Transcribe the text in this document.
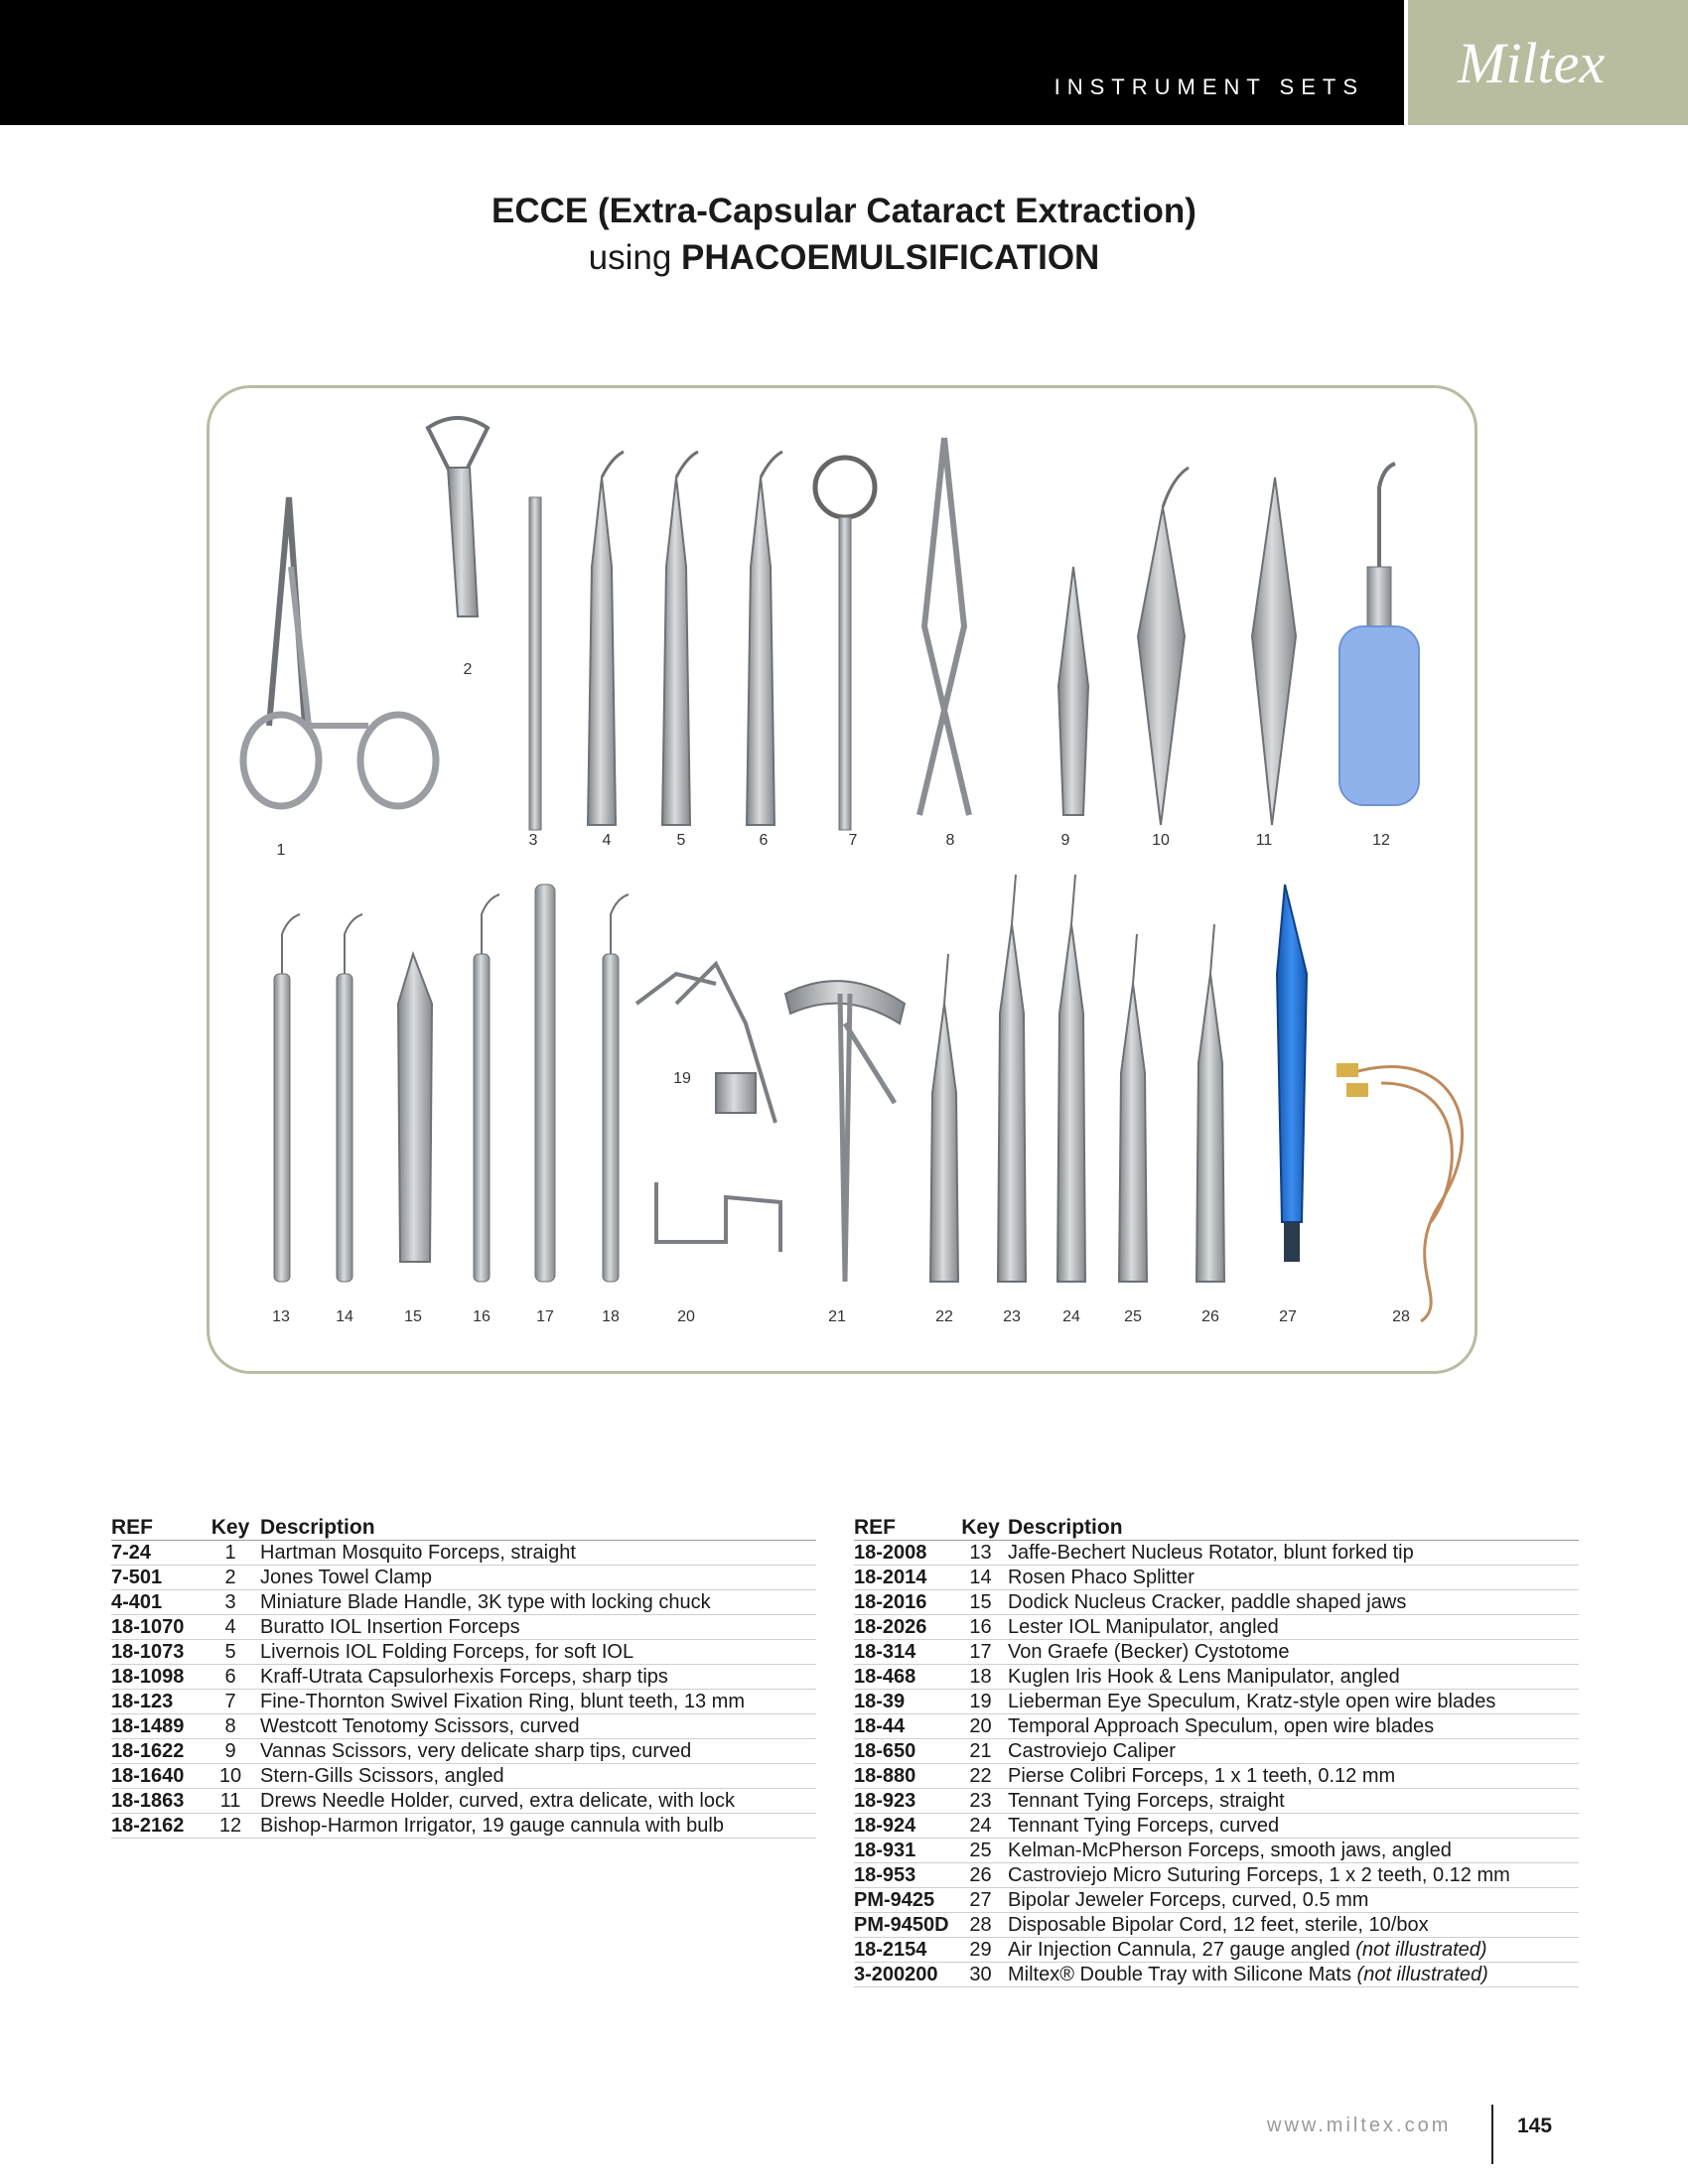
INSTRUMENT SETS Miltex
ECCE (Extra-Capsular Cataract Extraction)
using PHACOEMULSIFICATION
1
2
3	4	5	6	7	8	9	10	11	12
13	14	15	16	17	18
19
20	21	22	23	24	25	26	27	28
REF	Key	Description
7-24	1	Hartman Mosquito Forceps, straight
7-501	2	Jones Towel Clamp
4-401	3	Miniature Blade Handle, 3K type with locking chuck
18-1070	4	Buratto IOL Insertion Forceps
18-1073	5	Livernois IOL Folding Forceps, for soft IOL
18-1098	6	Kraff-Utrata Capsulorhexis Forceps, sharp tips
18-123	7	Fine-Thornton Swivel Fixation Ring, blunt teeth, 13 mm
18-1489	8	Westcott Tenotomy Scissors, curved
18-1622	9	Vannas Scissors, very delicate sharp tips, curved
18-1640	10	Stern-Gills Scissors, angled
18-1863	11	Drews Needle Holder, curved, extra delicate, with lock
18-2162	12	Bishop-Harmon Irrigator, 19 gauge cannula with bulb
REF	Key	Description
18-2008	13	Jaffe-Bechert Nucleus Rotator, blunt forked tip
18-2014	14	Rosen Phaco Splitter
18-2016	15	Dodick Nucleus Cracker, paddle shaped jaws
18-2026	16	Lester IOL Manipulator, angled
18-314	17	Von Graefe (Becker) Cystotome
18-468	18	Kuglen Iris Hook & Lens Manipulator, angled
18-39	19	Lieberman Eye Speculum, Kratz-style open wire blades
18-44	20	Temporal Approach Speculum, open wire blades
18-650	21	Castroviejo Caliper
18-880	22	Pierse Colibri Forceps, 1 x 1 teeth, 0.12 mm
18-923	23	Tennant Tying Forceps, straight
18-924	24	Tennant Tying Forceps, curved
18-931	25	Kelman-McPherson Forceps, smooth jaws, angled
18-953	26	Castroviejo Micro Suturing Forceps, 1 x 2 teeth, 0.12 mm
PM-9425	27	Bipolar Jeweler Forceps, curved, 0.5 mm
PM-9450D	28	Disposable Bipolar Cord, 12 feet, sterile, 10/box
18-2154	29	Air Injection Cannula, 27 gauge angled (not illustrated)
3-200200	30	Miltex® Double Tray with Silicone Mats (not illustrated)
www.miltex.com	145
